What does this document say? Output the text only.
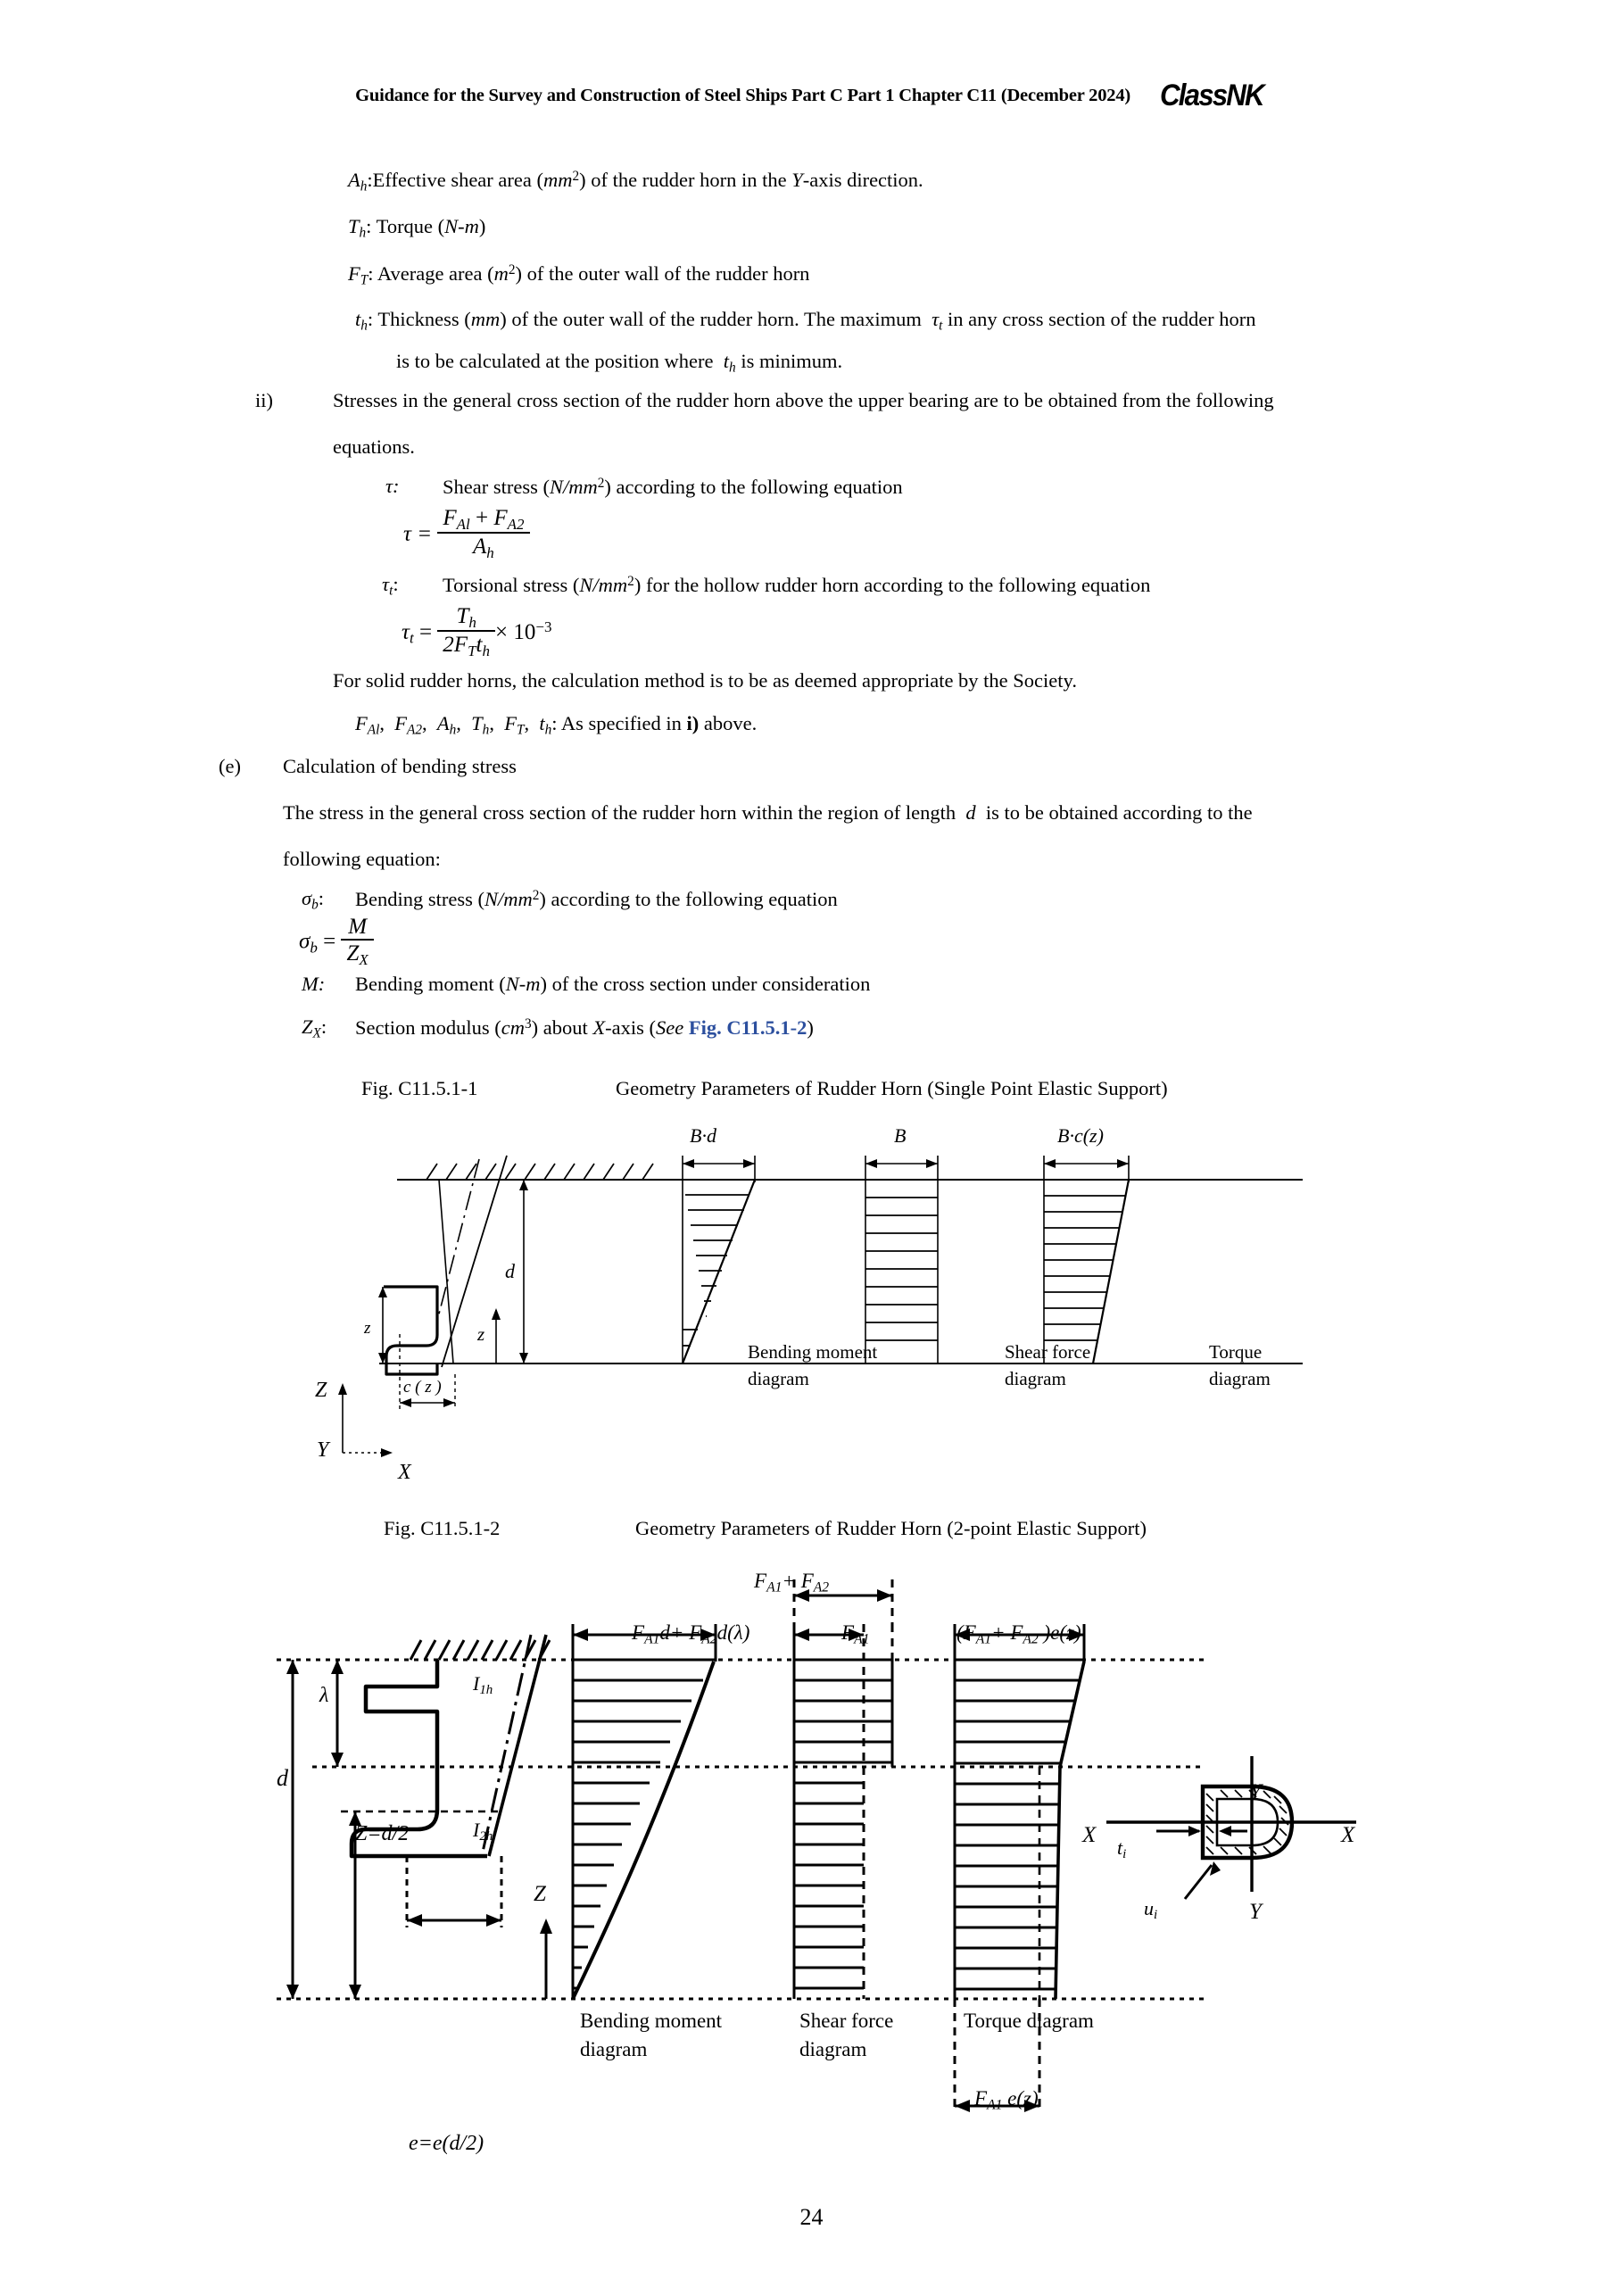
Guidance for the Survey and Construction of Steel Ships Part C Part 1 Chapter C11 (December 2024) ClassNK
$A_h:Effective$ shear area $(mm^2)$ of the rudder horn in the Y-axis direction.
$T_h$: Torque (N-m)
$F_T$: Average area $(m^2)$ of the outer wall of the rudder horn
$t_h$: Thickness (mm) of the outer wall of the rudder horn. The maximum $\tau_t$ in any cross section of the rudder horn
is to be calculated at the position where $t_h$ is minimum.
ii)	Stresses in the general cross section of the rudder horn above the upper bearing are to be obtained from the following
equations.
τ: Shear stress $(N/mm^2)$ according to the following equation
$\tau = \frac{F_{Al} + F_{A2}}{A_h}$
$\tau_t$: Torsional stress $(N/mm^2)$ for the hollow rudder horn according to the following equation
$\tau_t = \frac{T_h}{2F_Tt_h} \times 10^{-3}$
For solid rudder horns, the calculation method is to be as deemed appropriate by the Society.
$F_{Al}$,  $F_{A2}$,  $A_h$,  $T_h$,  $F_T$,  $t_h$: As specified in i) above.
(e) Calculation of bending stress
The stress in the general cross section of the rudder horn within the region of length d is to be obtained according to the
following equation:
$\sigma_b$: Bending stress $(N/mm^2)$ according to the following equation
$\sigma_b = \frac{M}{Z_X}$
M: Bending moment (N-m) of the cross section under consideration
$Z_X$: Section modulus $(cm^3)$ about X-axis (See Fig. C11.5.1-2)
Fig. C11.5.1-1	Geometry Parameters of Rudder Horn (Single Point Elastic Support)
z
d
z
c ( z )
B·d	B	B·c(z)
Bending moment
diagram
Shear force
diagram
Torque
diagram
Z
Y
X
Fig. C11.5.1-2	Geometry Parameters of Rudder Horn (2-point Elastic Support)
$F_{A1}+ F_{A2}$
$F_{A1}d+ F_{A2}d(\lambda)$	$F_{A1}$	($F_{A1}+ F_{A2}$ )e(z)
λ
d
Z=d/2
$I_{1h}$
$I_{2h}$
Z
e=e(d/2)
Bending moment
diagram
Shear force
diagram
Torque diagram
$F_{A1}$ e(z)
X	X
Y
Y
$t_i$
$u_i$
24
